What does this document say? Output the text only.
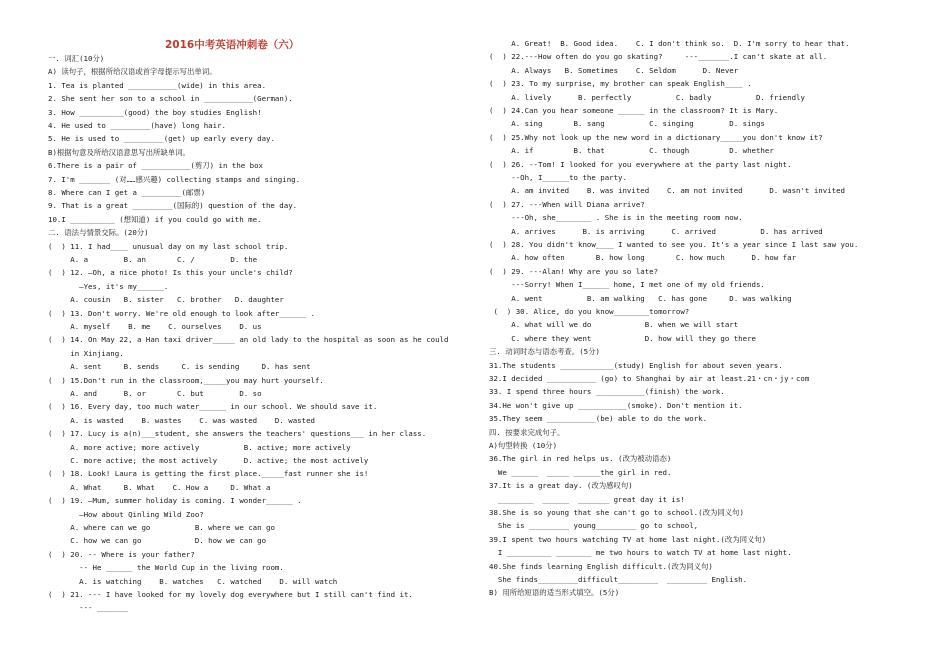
2016中考英语冲刺卷（六）
一. 词汇(10分)
A) 读句子，根据所给汉语或首字母提示写出单词。
1. Tea is planted ___________(wide) in this area.
2. She sent her son to a school in ___________(German).
3. How __________(good) the boy studies English!
4. He used to _________(have) long hair.
5. He is used to _________(get) up early every day.
B)根据句意及所给汉语意思写出所缺单词。
6.There is a pair of ___________(剪刀) in the box
7. I'm _______ (对……感兴趣) collecting stamps and singing.
8. Where can I get a _________(邮票)
9. That is a great _________(国际的) question of the day.
10.I __________ (想知道) if you could go with me.
二. 语法与情景交际。(20分)
(  ) 11. I had____ unusual day on my last school trip.
A. a        B. an       C. /        D. the
(  ) 12. —Oh, a nice photo! Is this your uncle's child?
—Yes, it's my______.
A. cousin   B. sister   C. brother   D. daughter
(  ) 13. Don't worry. We're old enough to look after______ .
A. myself    B. me    C. ourselves    D. us
(  ) 14. On May 22, a Han taxi driver_____ an old lady to the hospital as soon as he could
in Xinjiang.
A. sent     B. sends     C. is sending     D. has sent
(  ) 15.Don't run in the classroom,_____you may hurt yourself.
A. and      B. or       C. but        D. so
(  ) 16. Every day, too much water______ in our school. We should save it.
A. is wasted    B. wastes    C. was wasted    D. wasted
(  ) 17. Lucy is a(n)___student, she answers the teachers' questions___ in her class.
A. more active; more actively          B. active; more actively
C. more active; the most actively      D. active; the most actively
(  ) 18. Look! Laura is getting the first place._____fast runner she is!
A. What     B. What    C. How a     D. What a
(  ) 19. —Mum, summer holiday is coming. I wonder______ .
—How about Qinling Wild Zoo?
A. where can we go          B. where we can go
C. how we can go            D. how we can go
(  ) 20. -- Where is your father?
-- He ______ the World Cup in the living room.
A. is watching    B. watches   C. watched    D. will watch
(  ) 21. --- I have looked for my lovely dog everywhere but I still can't find it.
--- _______
A. Great!  B. Good idea.    C. I don't think so.  D. I'm sorry to hear that.
(  ) 22.---How often do you go skating?     ---_______.I can't skate at all.
A. Always   B. Sometimes    C. Seldom      D. Never
(  ) 23. To my surprise, my brother can speak English____ .
A. lively      B. perfectly          C. badly          D. friendly
(  ) 24.Can you hear someone ______ in the classroom? It is Mary.
A. sing       B. sang          C. singing        D. sings
(  ) 25.Why not look up the new word in a dictionary_____you don't know it?
A. if         B. that          C. though         D. whether
(  ) 26. --Tom! I looked for you everywhere at the party last night.
--Oh, I______to the party.
A. am invited    B. was invited    C. am not invited      D. wasn't invited
(  ) 27. ---When will Diana arrive?
---Oh, she________ . She is in the meeting room now.
A. arrives      B. is arriving      C. arrived          D. has arrived
(  ) 28. You didn't know____ I wanted to see you. It's a year since I last saw you.
A. how often       B. how long       C. how much      D. how far
(  ) 29. ---Alan! Why are you so late?
---Sorry! When I______ home, I met one of my old friends.
A. went          B. am walking   C. has gone     D. was walking
(  ) 30. Alice, do you know________tomorrow?
A. what will we do            B. when we will start
C. where they went            D. how will they go there
三. 动词时态与语态考查。(5分)
31.The students ____________(study) English for about seven years.
32.I decided ___________ (go) to Shanghai by air at least.21・cn・jy・com
33. I spend three hours ___________(finish) the work.
34.He won't give up ___________(smoke). Don't mention it.
35.They seem ___________(be) able to do the work.
四. 按要求完成句子。
A)句型转换 (10分)
36.The girl in red helps us. (改为被动语态)
We ______  _____ ______the girl in red.
37.It is a great day. (改为感叹句)
________  ______  _______ great day it is!
38.She is so young that she can't go to school.(改为同义句)
She is _________ young_________ go to school,
39.I spent two hours watching TV at home last night.(改为同义句)
I __________ ________ me two hours to watch TV at home last night.
40.She finds learning English difficult.(改为同义句)
She finds_________difficult_________  _________ English.
B) 用所给短语的适当形式填空。(5分)
